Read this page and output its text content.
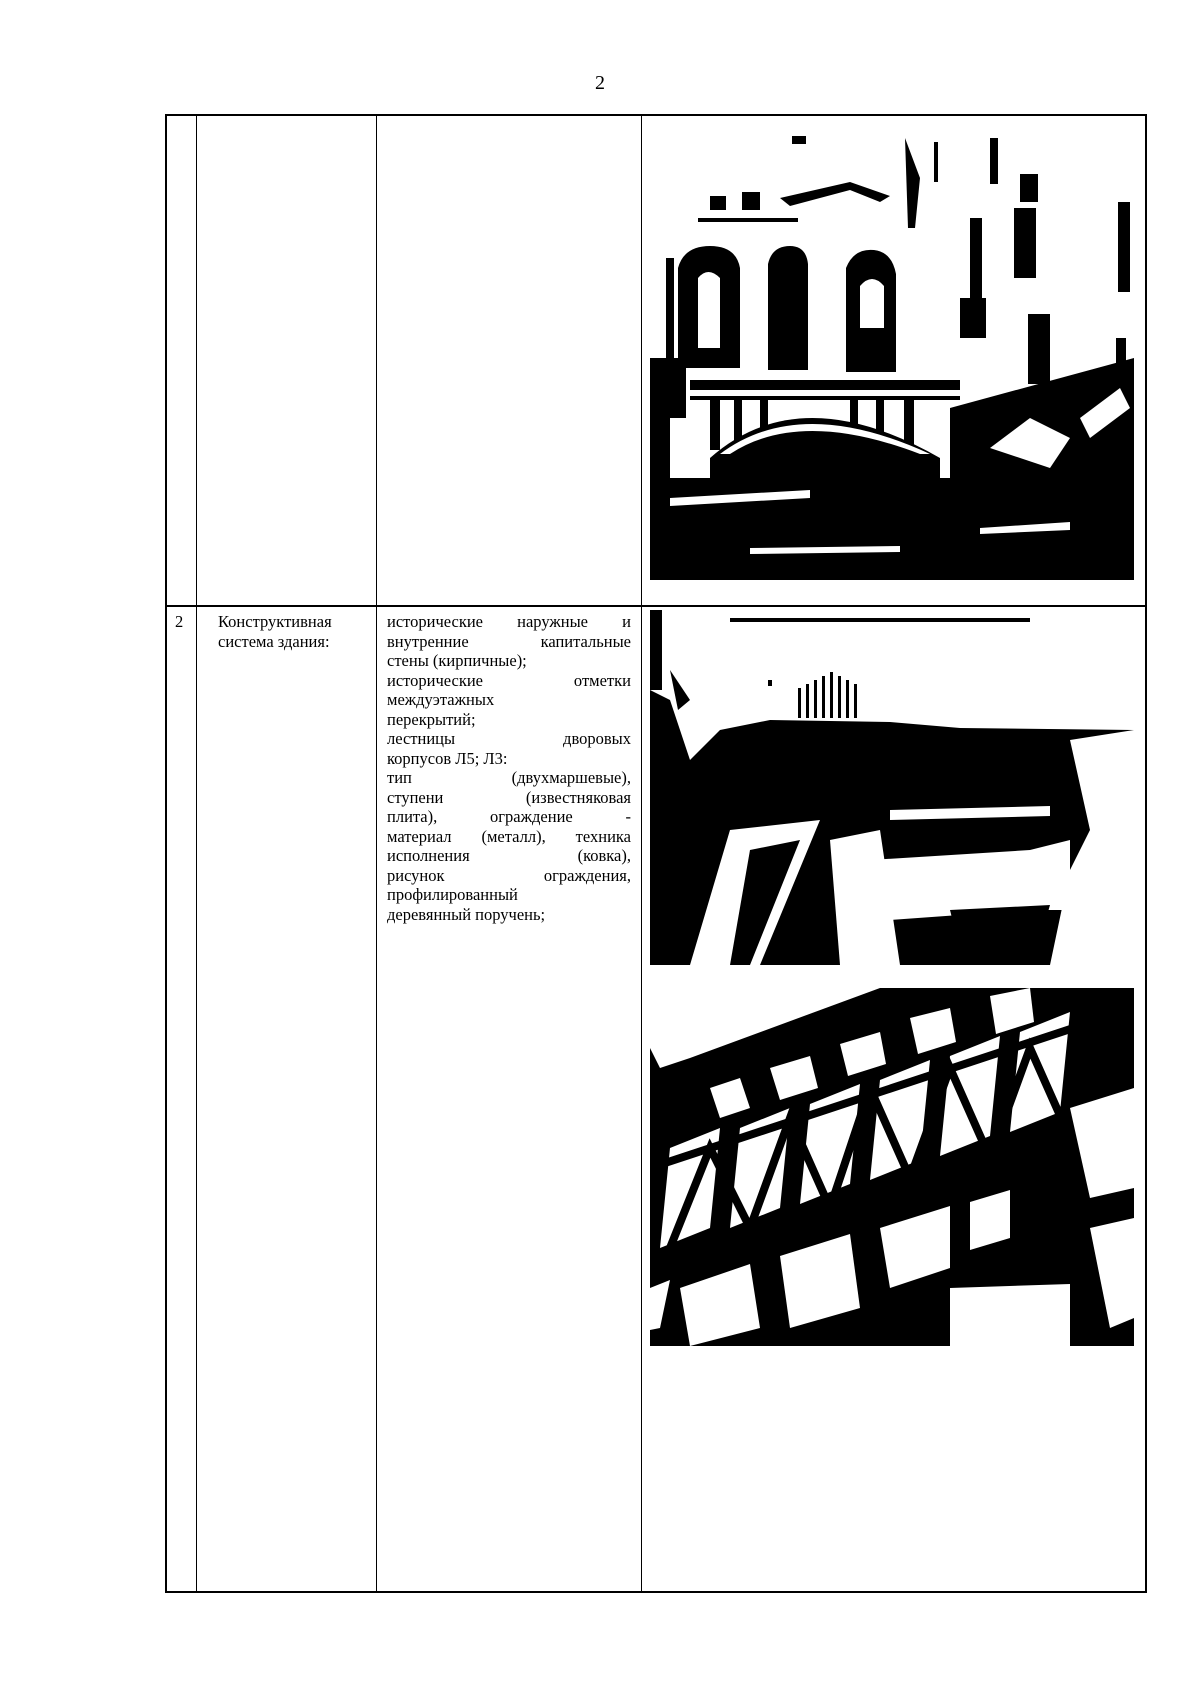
2
2 Конструктивная
система здания:
исторические наружные и
внутренние капитальные
стены (кирпичные);
исторические отметки
междуэтажных
перекрытий;
лестницы дворовых
корпусов Л5; Л3:
тип (двухмаршевые),
ступени (известняковая
плита), ограждение -
материал (металл), техника
исполнения (ковка),
рисунок ограждения,
профилированный
деревянный поручень;
